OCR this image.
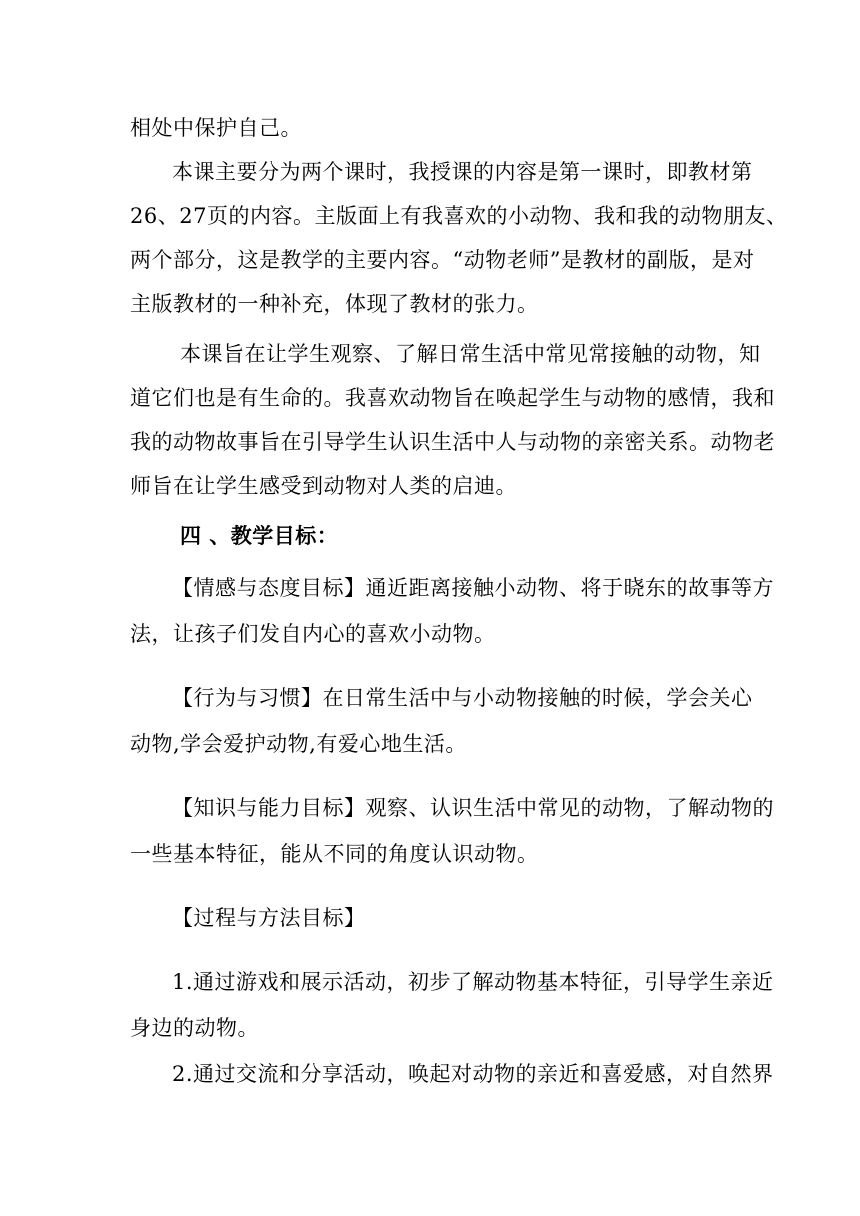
相处中保护自己。
本课主要分为两个课时，我授课的内容是第一课时，即教材第
26、27页的内容。主版面上有我喜欢的小动物、我和我的动物朋友、
两个部分，这是教学的主要内容。“动物老师”是教材的副版，是对
主版教材的一种补充，体现了教材的张力。
本课旨在让学生观察、了解日常生活中常见常接触的动物，知
道它们也是有生命的。我喜欢动物旨在唤起学生与动物的感情，我和
我的动物故事旨在引导学生认识生活中人与动物的亲密关系。动物老
师旨在让学生感受到动物对人类的启迪。
四 、教学目标：
【情感与态度目标】通近距离接触小动物、将于晓东的故事等方
法，让孩子们发自内心的喜欢小动物。
【行为与习惯】在日常生活中与小动物接触的时候，学会关心
动物,学会爱护动物,有爱心地生活。
【知识与能力目标】观察、认识生活中常见的动物，了解动物的
一些基本特征，能从不同的角度认识动物。
【过程与方法目标】
1.通过游戏和展示活动，初步了解动物基本特征，引导学生亲近
身边的动物。
2.通过交流和分享活动，唤起对动物的亲近和喜爱感，对自然界
